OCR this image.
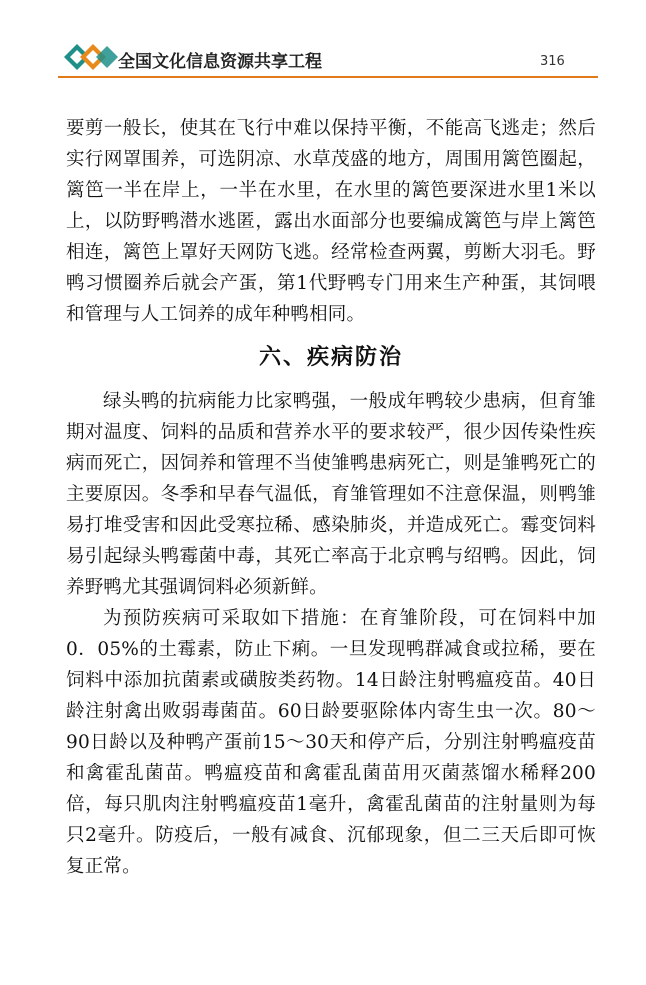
全国文化信息资源共享工程	316

要剪一般长，使其在飞行中难以保持平衡，不能高飞逃走；然后实行网罩围养，可选阴凉、水草茂盛的地方，周围用篱笆圈起，篱笆一半在岸上，一半在水里，在水里的篱笆要深进水里1米以上，以防野鸭潜水逃匿，露出水面部分也要编成篱笆与岸上篱笆相连，篱笆上罩好天网防飞逃。经常检查两翼，剪断大羽毛。野鸭习惯圈养后就会产蛋，第1代野鸭专门用来生产种蛋，其饲喂和管理与人工饲养的成年种鸭相同。

六、疾病防治

绿头鸭的抗病能力比家鸭强，一般成年鸭较少患病，但育雏期对温度、饲料的品质和营养水平的要求较严，很少因传染性疾病而死亡，因饲养和管理不当使雏鸭患病死亡，则是雏鸭死亡的主要原因。冬季和早春气温低，育雏管理如不注意保温，则鸭雏易打堆受害和因此受寒拉稀、感染肺炎，并造成死亡。霉变饲料易引起绿头鸭霉菌中毒，其死亡率高于北京鸭与绍鸭。因此，饲养野鸭尤其强调饲料必须新鲜。

为预防疾病可采取如下措施：在育雏阶段，可在饲料中加0．05%的土霉素，防止下痢。一旦发现鸭群减食或拉稀，要在饲料中添加抗菌素或磺胺类药物。14日龄注射鸭瘟疫苗。40日龄注射禽出败弱毒菌苗。60日龄要驱除体内寄生虫一次。80～90日龄以及种鸭产蛋前15～30天和停产后，分别注射鸭瘟疫苗和禽霍乱菌苗。鸭瘟疫苗和禽霍乱菌苗用灭菌蒸馏水稀释200倍，每只肌肉注射鸭瘟疫苗1毫升，禽霍乱菌苗的注射量则为每只2毫升。防疫后，一般有减食、沉郁现象，但二三天后即可恢复正常。
